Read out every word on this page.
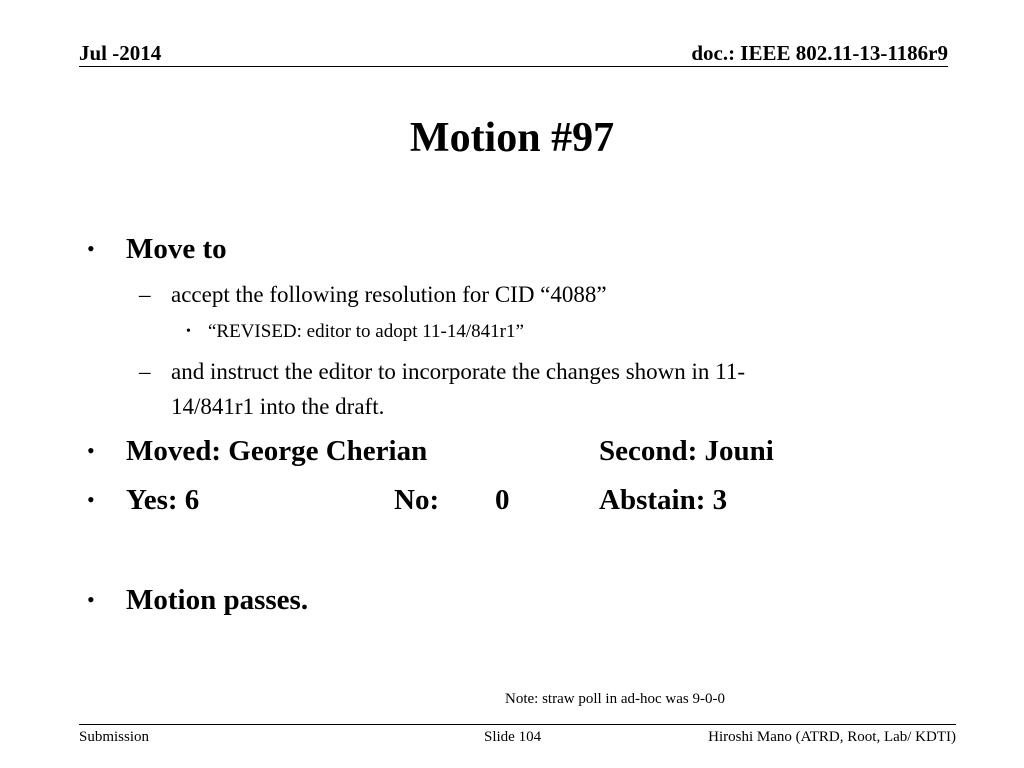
Jul -2014	doc.: IEEE 802.11-13-1186r9
Motion #97
• Move to
– accept the following resolution for CID “4088”
• “REVISED: editor to adopt 11-14/841r1”
– and instruct the editor to incorporate the changes shown in 11-
14/841r1 into the draft.
• Moved: George Cherian	Second: Jouni
• Yes: 6	No: 0	Abstain: 3
• Motion passes.
Note: straw poll in ad-hoc was 9-0-0
Submission	Slide 104	Hiroshi Mano (ATRD, Root, Lab/ KDTI)
